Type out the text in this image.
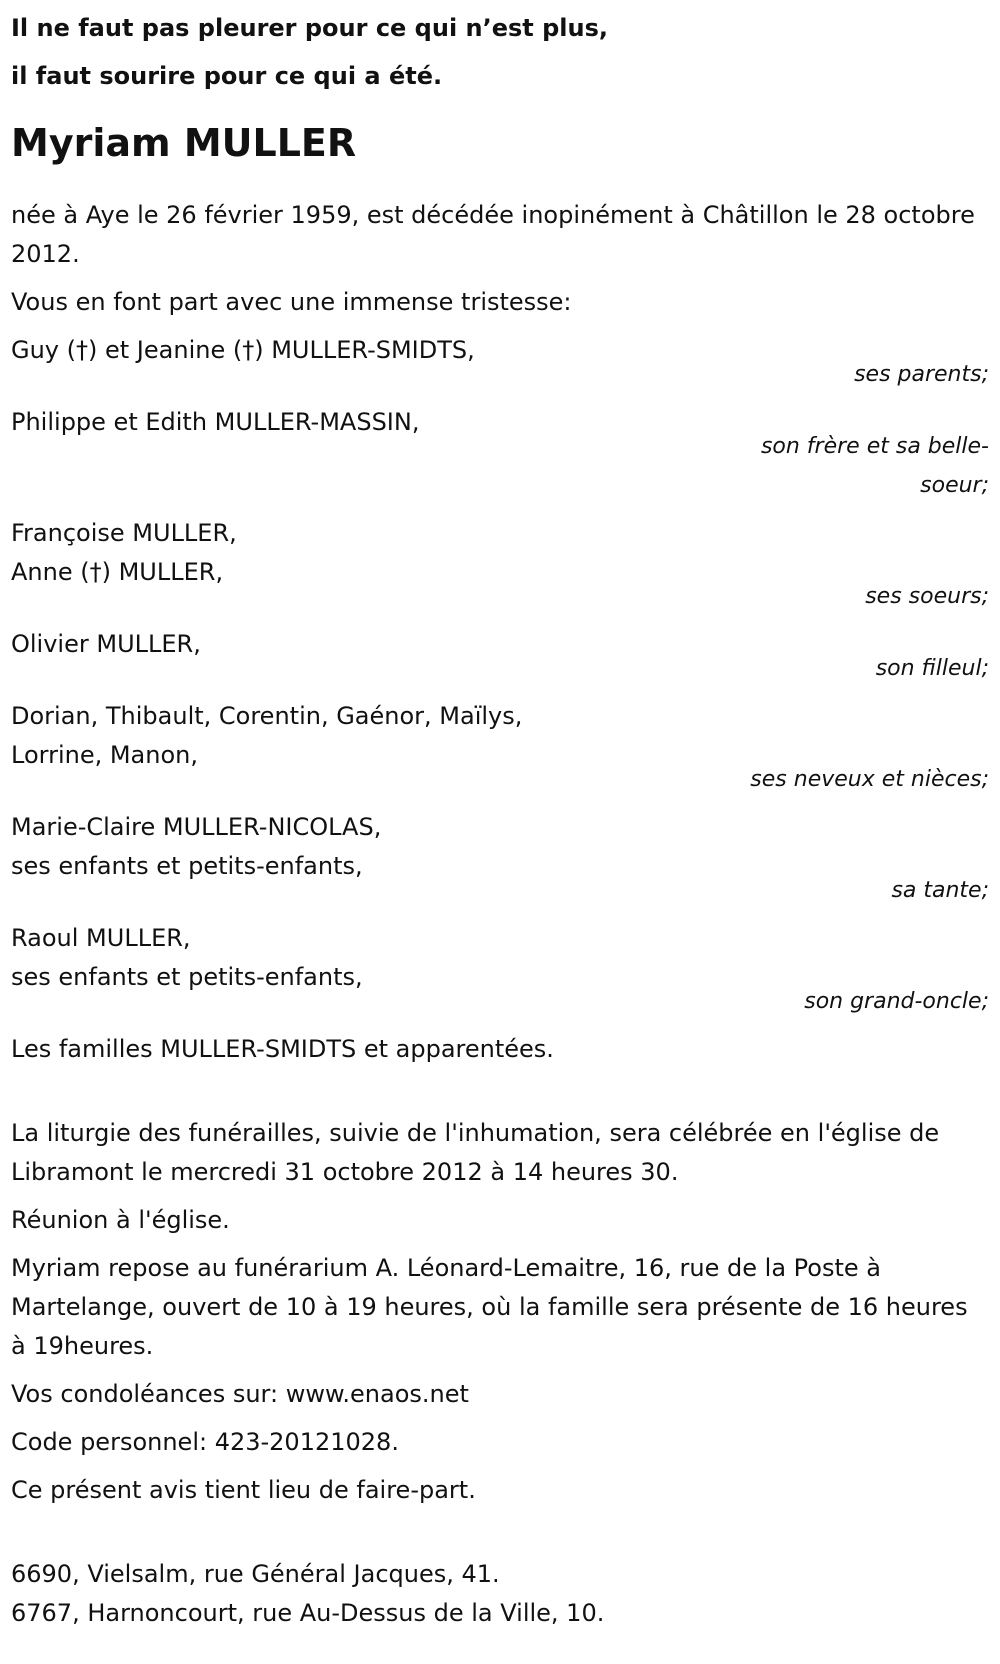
Il ne faut pas pleurer pour ce qui n’est plus,
il faut sourire pour ce qui a été.
Myriam MULLER
née à Aye le 26 février 1959, est décédée inopinément à Châtillon le 28 octobre 2012.
Vous en font part avec une immense tristesse:
Guy (†) et Jeanine (†) MULLER-SMIDTS,
ses parents;
Philippe et Edith MULLER-MASSIN,
son frère et sa belle-soeur;
Françoise MULLER,
Anne (†) MULLER,
ses soeurs;
Olivier MULLER,
son filleul;
Dorian, Thibault, Corentin, Gaénor, Maïlys,
Lorrine, Manon,
ses neveux et nièces;
Marie-Claire MULLER-NICOLAS,
ses enfants et petits-enfants,
sa tante;
Raoul MULLER,
ses enfants et petits-enfants,
son grand-oncle;
Les familles MULLER-SMIDTS et apparentées.
La liturgie des funérailles, suivie de l'inhumation, sera célébrée en l'église de Libramont le mercredi 31 octobre 2012 à 14 heures 30.
Réunion à l'église.
Myriam repose au funérarium A. Léonard-Lemaitre, 16, rue de la Poste à Martelange, ouvert de 10 à 19 heures, où la famille sera présente de 16 heures à 19heures.
Vos condoléances sur: www.enaos.net
Code personnel: 423-20121028.
Ce présent avis tient lieu de faire-part.
6690, Vielsalm, rue Général Jacques, 41.
6767, Harnoncourt, rue Au-Dessus de la Ville, 10.
